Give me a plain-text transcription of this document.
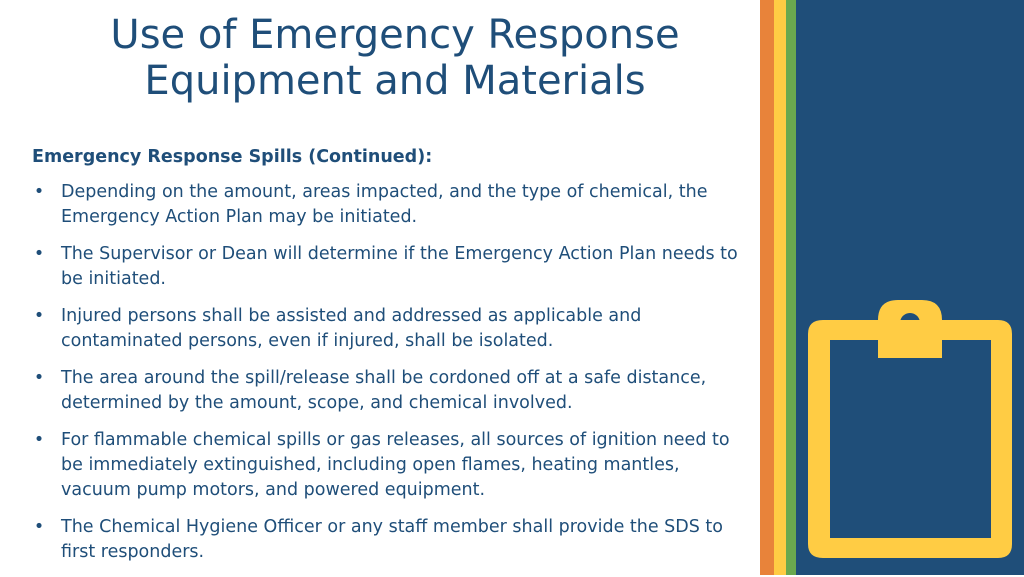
Use of Emergency Response
Equipment and Materials

Emergency Response Spills (Continued):

• Depending on the amount, areas impacted, and the type of chemical, the Emergency Action Plan may be initiated.
• The Supervisor or Dean will determine if the Emergency Action Plan needs to be initiated.
• Injured persons shall be assisted and addressed as applicable and contaminated persons, even if injured, shall be isolated.
• The area around the spill/release shall be cordoned off at a safe distance, determined by the amount, scope, and chemical involved.
• For flammable chemical spills or gas releases, all sources of ignition need to be immediately extinguished, including open flames, heating mantles, vacuum pump motors, and powered equipment.
• The Chemical Hygiene Officer or any staff member shall provide the SDS to first responders.
